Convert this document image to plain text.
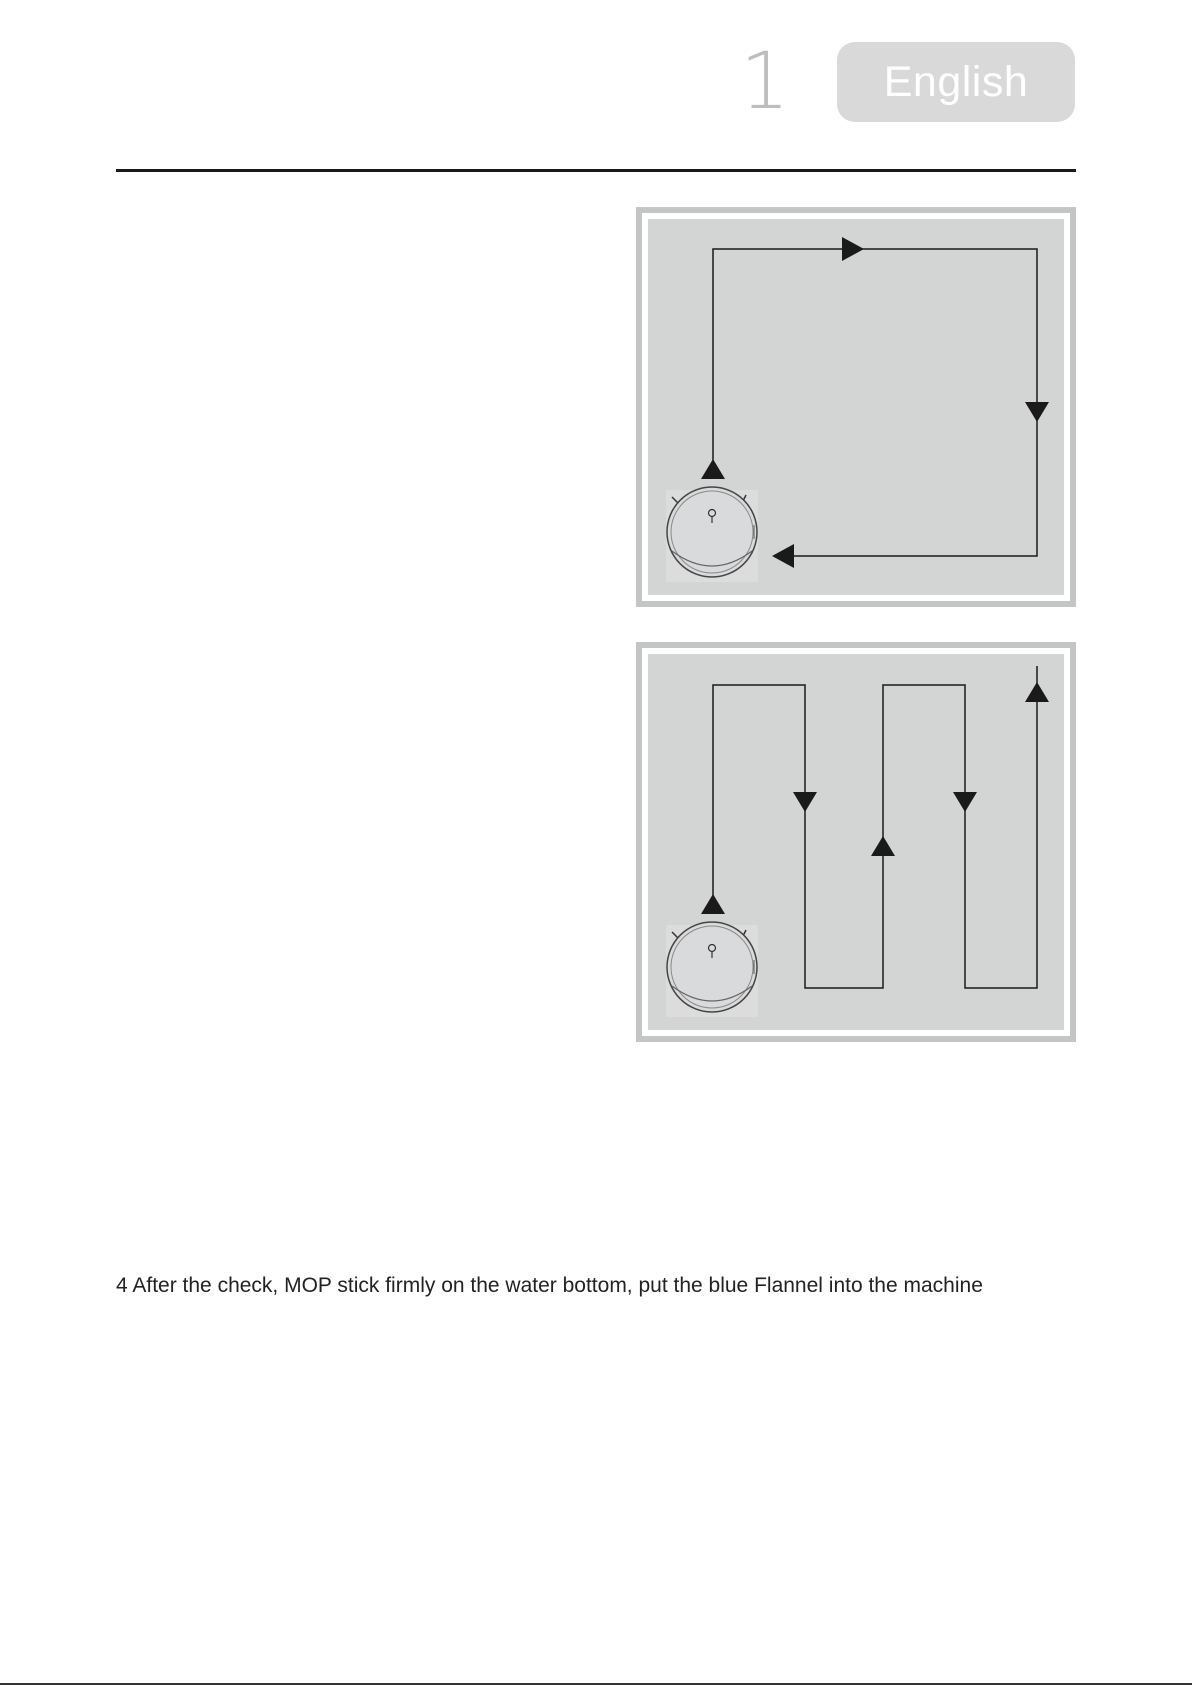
1	English
4 After the check, MOP stick firmly on the water bottom, put the blue Flannel into the machine
